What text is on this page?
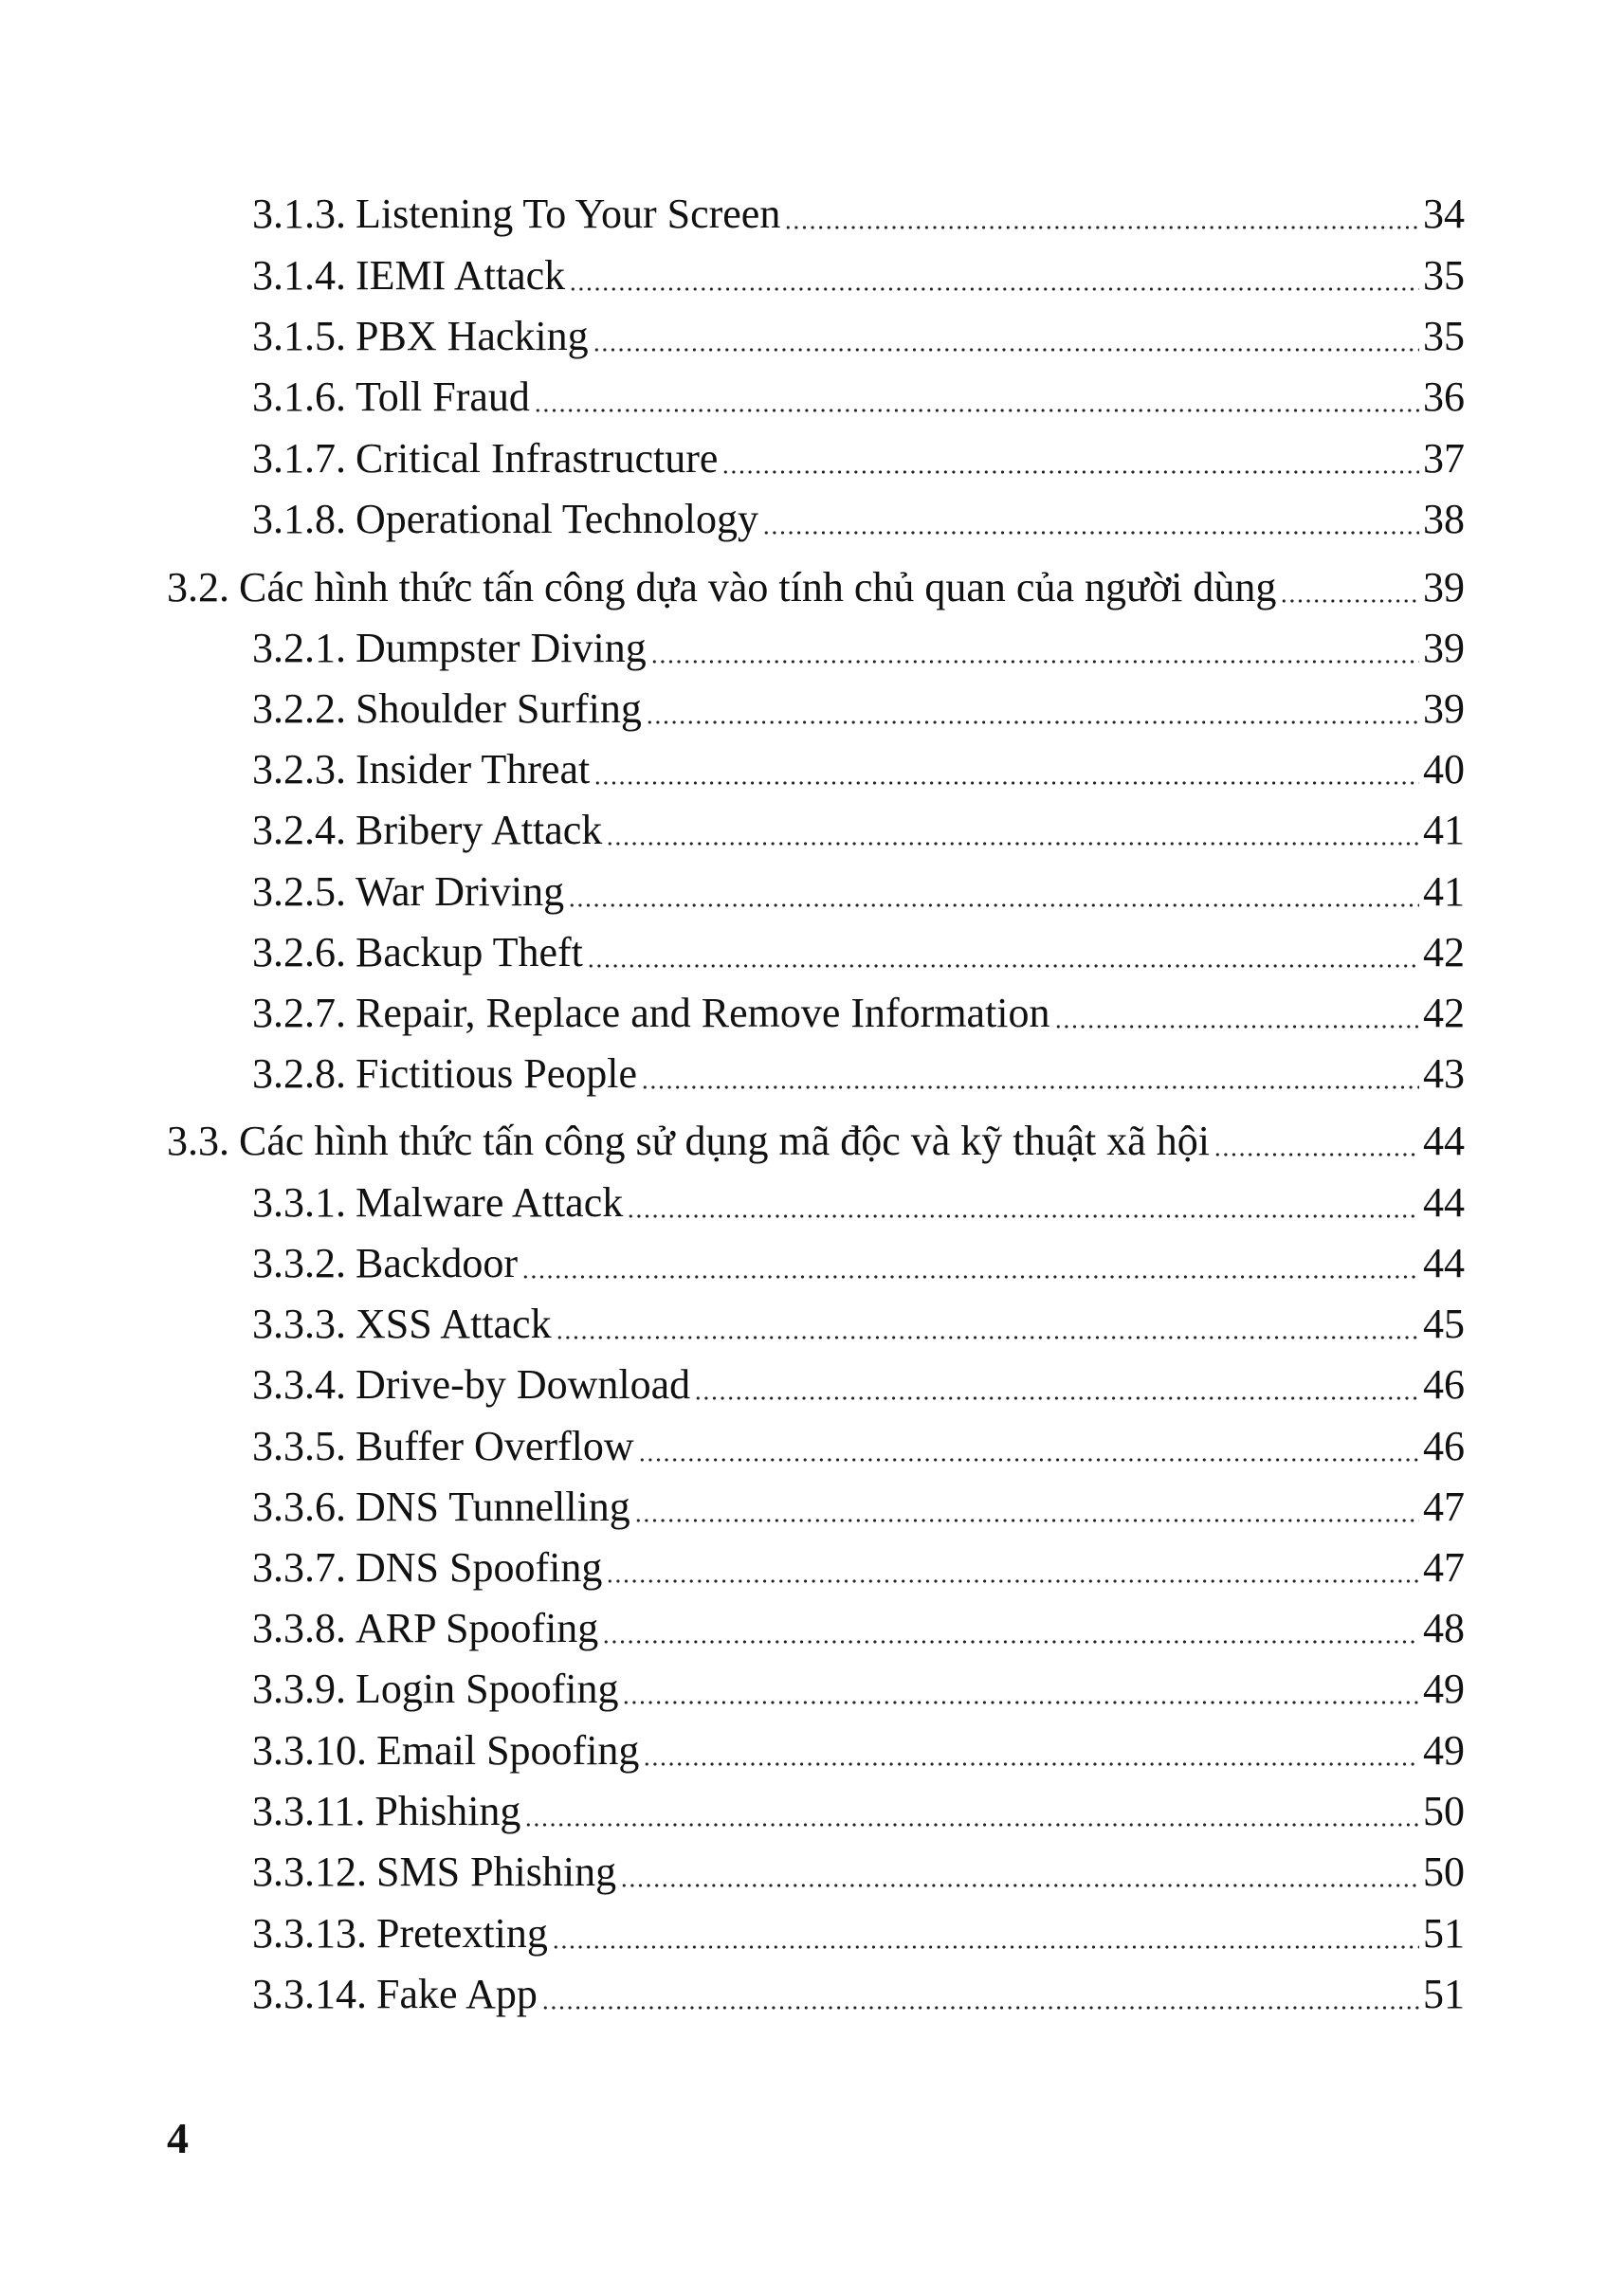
3.1.3. Listening To Your Screen	34
3.1.4. IEMI Attack	35
3.1.5. PBX Hacking	35
3.1.6. Toll Fraud	36
3.1.7. Critical Infrastructure	37
3.1.8. Operational Technology	38
3.2. Các hình thức tấn công dựa vào tính chủ quan của người dùng	39
3.2.1. Dumpster Diving	39
3.2.2. Shoulder Surfing	39
3.2.3. Insider Threat	40
3.2.4. Bribery Attack	41
3.2.5. War Driving	41
3.2.6. Backup Theft	42
3.2.7. Repair, Replace and Remove Information	42
3.2.8. Fictitious People	43
3.3. Các hình thức tấn công sử dụng mã độc và kỹ thuật xã hội	44
3.3.1. Malware Attack	44
3.3.2. Backdoor	44
3.3.3. XSS Attack	45
3.3.4. Drive-by Download	46
3.3.5. Buffer Overflow	46
3.3.6. DNS Tunnelling	47
3.3.7. DNS Spoofing	47
3.3.8. ARP Spoofing	48
3.3.9. Login Spoofing	49
3.3.10. Email Spoofing	49
3.3.11. Phishing	50
3.3.12. SMS Phishing	50
3.3.13. Pretexting	51
3.3.14. Fake App	51
4
